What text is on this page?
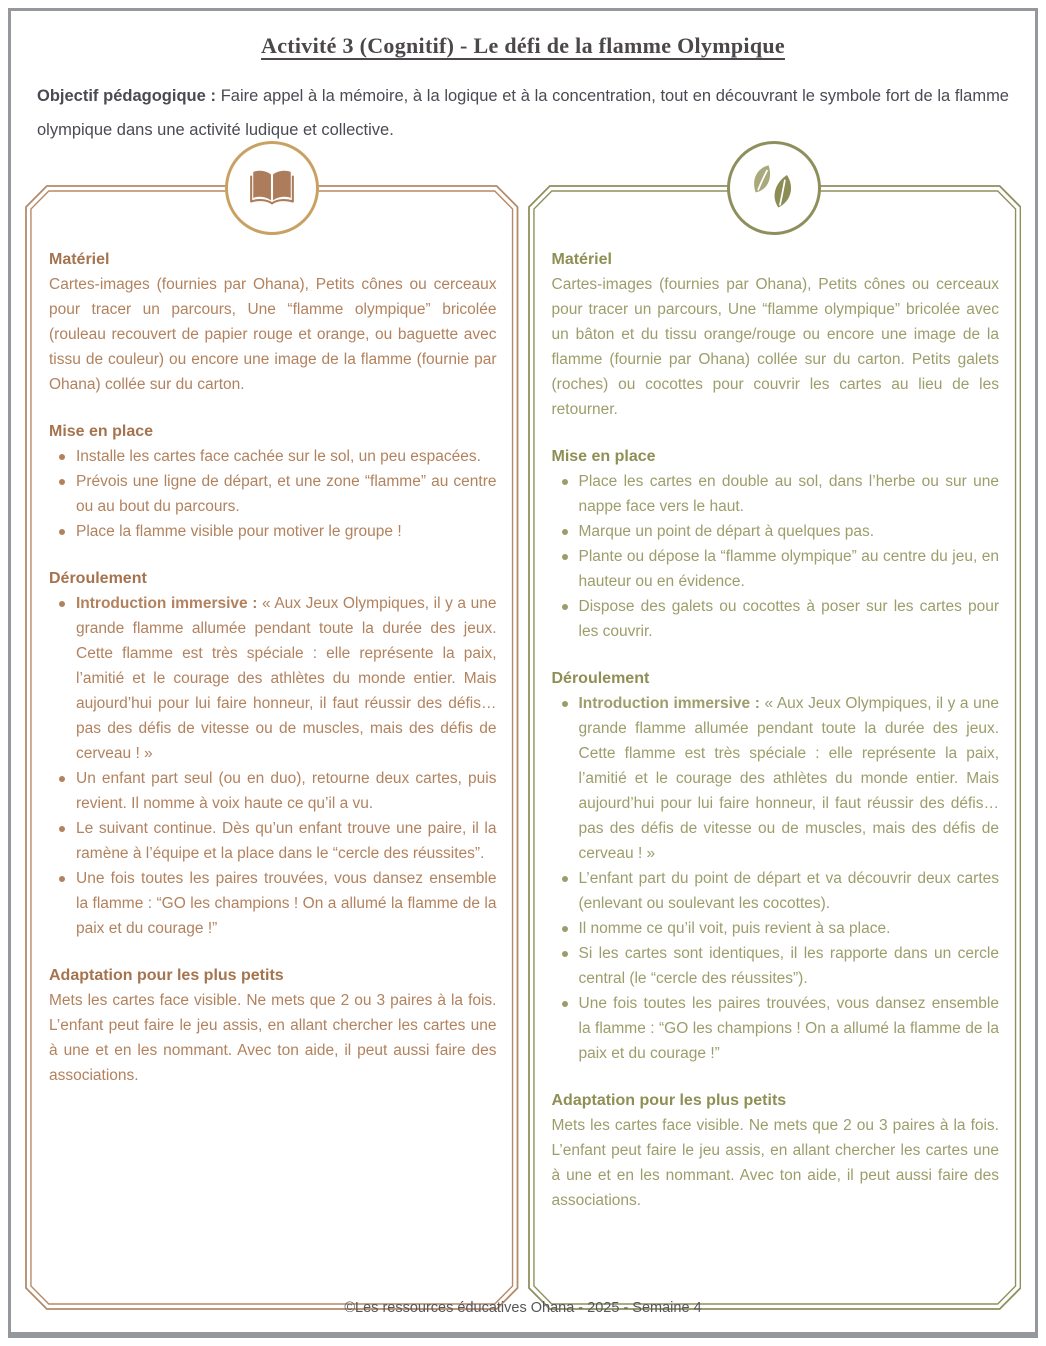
Activité 3 (Cognitif) - Le défi de la flamme Olympique

Objectif pédagogique : Faire appel à la mémoire, à la logique et à la concentration, tout en découvrant le symbole fort de la flamme olympique dans une activité ludique et collective.

Matériel

Cartes-images (fournies par Ohana), Petits cônes ou cerceaux pour tracer un parcours, Une “flamme olympique” bricolée (rouleau recouvert de papier rouge et orange, ou baguette avec tissu de couleur) ou encore une image de la flamme (fournie par Ohana) collée sur du carton.

Mise en place
Installe les cartes face cachée sur le sol, un peu espacées.
Prévois une ligne de départ, et une zone “flamme” au centre ou au bout du parcours.
Place la flamme visible pour motiver le groupe !
Déroulement
Introduction immersive : « Aux Jeux Olympiques, il y a une grande flamme allumée pendant toute la durée des jeux. Cette flamme est très spéciale : elle représente la paix, l’amitié et le courage des athlètes du monde entier. Mais aujourd’hui pour lui faire honneur, il faut réussir des défis… pas des défis de vitesse ou de muscles, mais des défis de cerveau ! »
Un enfant part seul (ou en duo), retourne deux cartes, puis revient. Il nomme à voix haute ce qu’il a vu.
Le suivant continue. Dès qu’un enfant trouve une paire, il la ramène à l’équipe et la place dans le “cercle des réussites”.
Une fois toutes les paires trouvées, vous dansez ensemble la flamme : “GO les champions ! On a allumé la flamme de la paix et du courage !”
Adaptation pour les plus petits

Mets les cartes face visible. Ne mets que 2 ou 3 paires à la fois. L’enfant peut faire le jeu assis, en allant chercher les cartes une à une et en les nommant. Avec ton aide, il peut aussi faire des associations.

Matériel

Cartes-images (fournies par Ohana), Petits cônes ou cerceaux pour tracer un parcours, Une “flamme olympique” bricolée avec un bâton et du tissu orange/rouge ou encore une image de la flamme (fournie par Ohana) collée sur du carton. Petits galets (roches) ou cocottes pour couvrir les cartes au lieu de les retourner.

Mise en place
Place les cartes en double au sol, dans l’herbe ou sur une nappe face vers le haut.
Marque un point de départ à quelques pas.
Plante ou dépose la “flamme olympique” au centre du jeu, en hauteur ou en évidence.
Dispose des galets ou cocottes à poser sur les cartes pour les couvrir.
Déroulement
Introduction immersive : « Aux Jeux Olympiques, il y a une grande flamme allumée pendant toute la durée des jeux. Cette flamme est très spéciale : elle représente la paix, l’amitié et le courage des athlètes du monde entier. Mais aujourd’hui pour lui faire honneur, il faut réussir des défis… pas des défis de vitesse ou de muscles, mais des défis de cerveau ! »
L’enfant part du point de départ et va découvrir deux cartes (enlevant ou soulevant les cocottes).
Il nomme ce qu’il voit, puis revient à sa place.
Si les cartes sont identiques, il les rapporte dans un cercle central (le “cercle des réussites”).
Une fois toutes les paires trouvées, vous dansez ensemble la flamme : “GO les champions ! On a allumé la flamme de la paix et du courage !”
Adaptation pour les plus petits

Mets les cartes face visible. Ne mets que 2 ou 3 paires à la fois. L’enfant peut faire le jeu assis, en allant chercher les cartes une à une et en les nommant. Avec ton aide, il peut aussi faire des associations.

©Les ressources éducatives Ohana - 2025 - Semaine 4
